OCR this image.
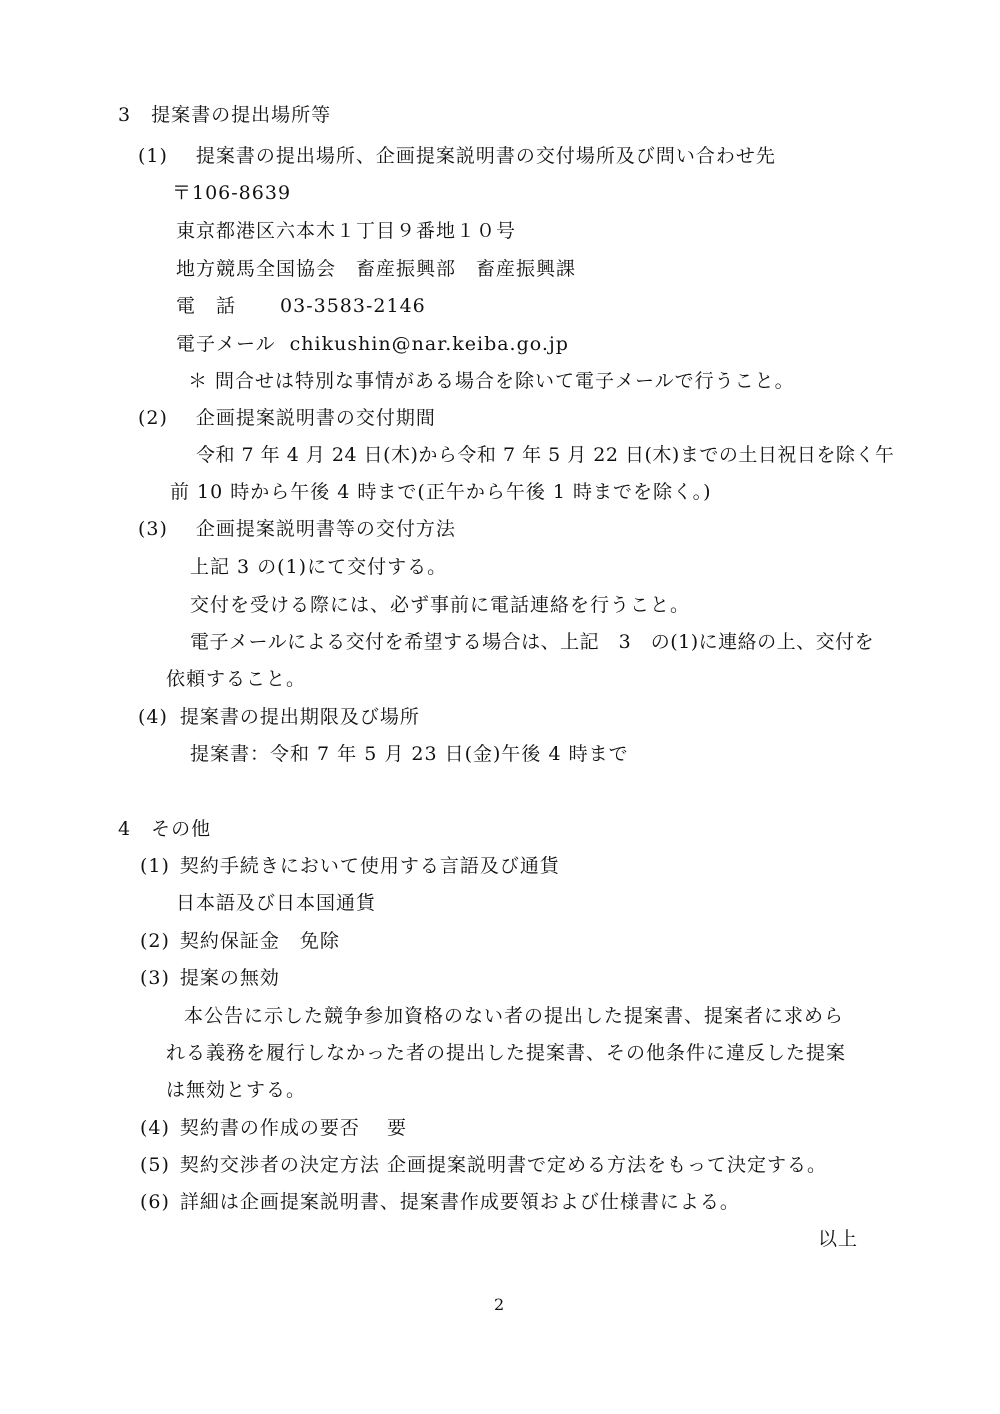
3　提案書の提出場所等

(1) 提案書の提出場所、企画提案説明書の交付場所及び問い合わせ先

〒106-8639

東京都港区六本木１丁目９番地１０号

地方競馬全国協会　畜産振興部　畜産振興課

電　話 03-3583-2146

電子メール chikushin@nar.keiba.go.jp

＊ 問合せは特別な事情がある場合を除いて電子メールで行うこと。

(2) 企画提案説明書の交付期間

令和 7 年 4 月 24 日(木)から令和 7 年 5 月 22 日(木)までの土日祝日を除く午

前 10 時から午後 4 時まで(正午から午後 1 時までを除く。)

(3) 企画提案説明書等の交付方法

上記 3 の(1)にて交付する。

交付を受ける際には、必ず事前に電話連絡を行うこと。

電子メールによる交付を希望する場合は、上記　3　の(1)に連絡の上、交付を

依頼すること。

(4) 提案書の提出期限及び場所

提案書：令和 7 年 5 月 23 日(金)午後 4 時まで

4　その他

(1) 契約手続きにおいて使用する言語及び通貨

日本語及び日本国通貨

(2) 契約保証金　免除

(3) 提案の無効

本公告に示した競争参加資格のない者の提出した提案書、提案者に求めら

れる義務を履行しなかった者の提出した提案書、その他条件に違反した提案

は無効とする。

(4) 契約書の作成の要否　 要

(5) 契約交渉者の決定方法 企画提案説明書で定める方法をもって決定する。

(6) 詳細は企画提案説明書、提案書作成要領および仕様書による。

以上

2
